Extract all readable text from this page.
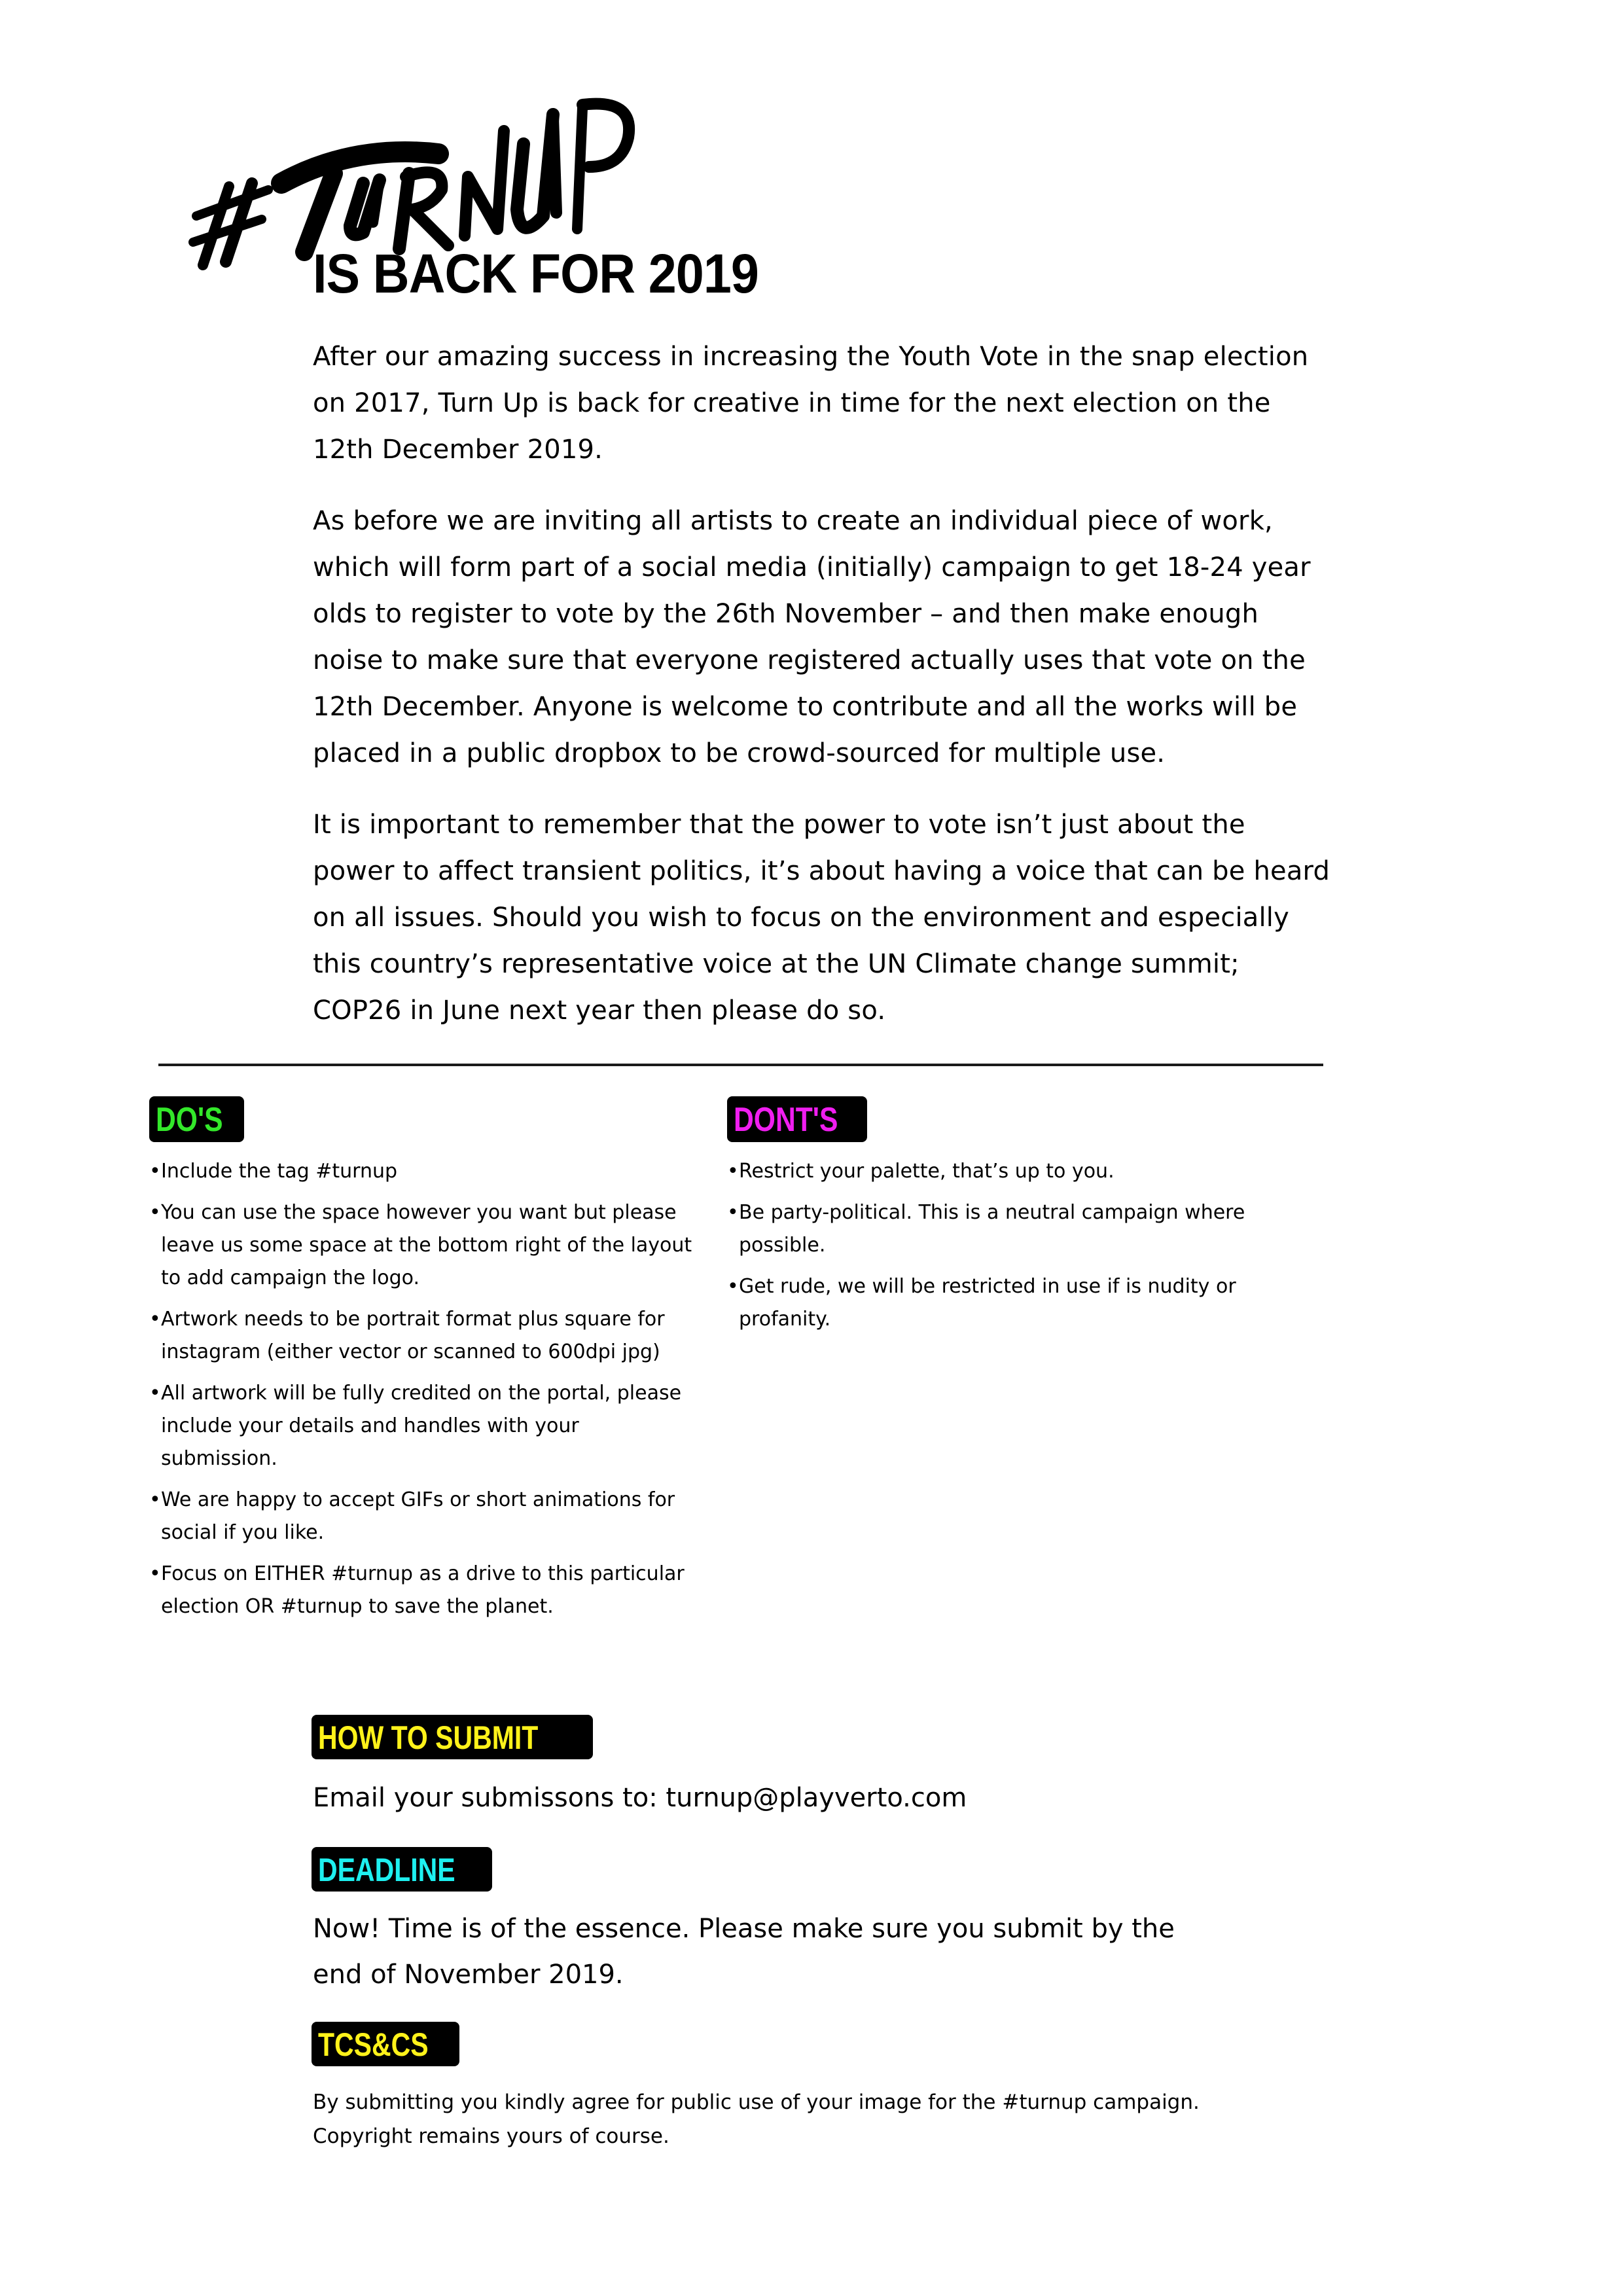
IS BACK FOR 2019

After our amazing success in increasing the Youth Vote in the snap election on 2017, Turn Up is back for creative in time for the next election on the 12th December 2019.

As before we are inviting all artists to create an individual piece of work, which will form part of a social media (initially) campaign to get 18-24 year olds to register to vote by the 26th November – and then make enough noise to make sure that everyone registered actually uses that vote on the 12th December. Anyone is welcome to contribute and all the works will be placed in a public dropbox to be crowd-sourced for multiple use.

It is important to remember that the power to vote isn’t just about the power to affect transient politics, it’s about having a voice that can be heard on all issues. Should you wish to focus on the environment and especially this country’s representative voice at the UN Climate change summit; COP26 in June next year then please do so.

DO'S
• Include the tag #turnup
• You can use the space however you want but please leave us some space at the bottom right of the layout to add campaign the logo.
• Artwork needs to be portrait format plus square for instagram (either vector or scanned to 600dpi jpg)
• All artwork will be fully credited on the portal, please include your details and handles with your submission.
• We are happy to accept GIFs or short animations for social if you like.
• Focus on EITHER #turnup as a drive to this particular election OR #turnup to save the planet.
DONT'S
• Restrict your palette, that’s up to you.
• Be party-political. This is a neutral campaign where possible.
• Get rude, we will be restricted in use if is nudity or profanity.
HOW TO SUBMIT
Email your submissons to: turnup@playverto.com
DEADLINE
Now! Time is of the essence. Please make sure you submit by the end of November 2019.
TCS&CS
By submitting you kindly agree for public use of your image for the #turnup campaign. Copyright remains yours of course.
